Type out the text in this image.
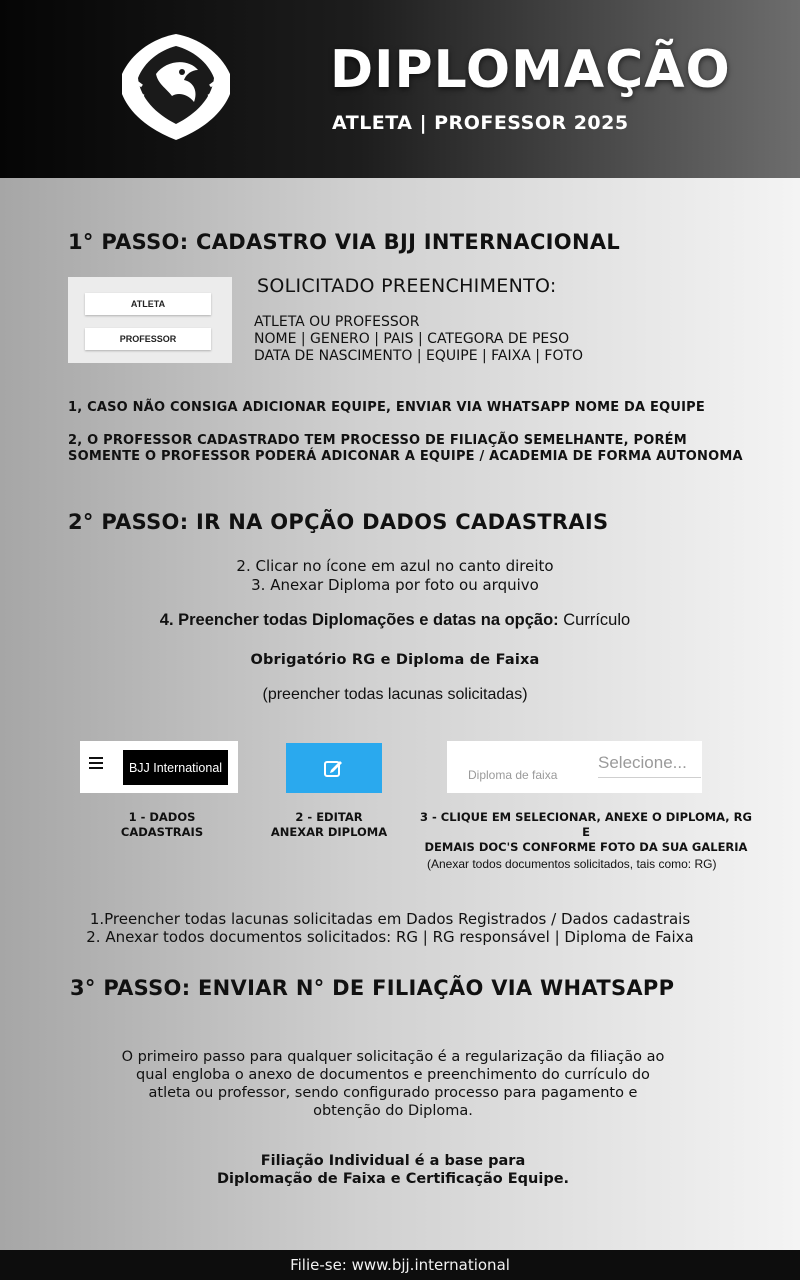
DIPLOMAÇÃO
ATLETA | PROFESSOR 2025
1° PASSO: CADASTRO VIA BJJ INTERNACIONAL
ATLETA
PROFESSOR
SOLICITADO PREENCHIMENTO:
ATLETA OU PROFESSOR
NOME | GENERO | PAIS | CATEGORA DE PESO
DATA DE NASCIMENTO | EQUIPE | FAIXA | FOTO
1, CASO NÃO CONSIGA ADICIONAR EQUIPE, ENVIAR VIA WHATSAPP NOME DA EQUIPE
2, O PROFESSOR CADASTRADO TEM PROCESSO DE FILIAÇÃO SEMELHANTE, PORÉM
SOMENTE O PROFESSOR PODERÁ ADICONAR A EQUIPE / ACADEMIA DE FORMA AUTONOMA
2° PASSO: IR NA OPÇÃO DADOS CADASTRAIS
2. Clicar no ícone em azul no canto direito
3. Anexar Diploma por foto ou arquivo
4. Preencher todas Diplomações e datas na opção: Currículo
Obrigatório RG e Diploma de Faixa
(preencher todas lacunas solicitadas)
BJJ International
Diploma de faixa
Selecione...
1 - DADOS
CADASTRAIS
2 - EDITAR
ANEXAR DIPLOMA
3 - CLIQUE EM SELECIONAR, ANEXE O DIPLOMA, RG E
DEMAIS DOC'S CONFORME FOTO DA SUA GALERIA
(Anexar todos documentos solicitados, tais como: RG)
1.Preencher todas lacunas solicitadas em Dados Registrados / Dados cadastrais
2. Anexar todos documentos solicitados: RG | RG responsável | Diploma de Faixa
3° PASSO: ENVIAR N° DE FILIAÇÃO VIA WHATSAPP
O primeiro passo para qualquer solicitação é a regularização da filiação ao
qual engloba o anexo de documentos e preenchimento do currículo do
atleta ou professor, sendo configurado processo para pagamento e
obtenção do Diploma.
Filiação Individual é a base para
Diplomação de Faixa e Certificação Equipe.
Filie-se: www.bjj.international
